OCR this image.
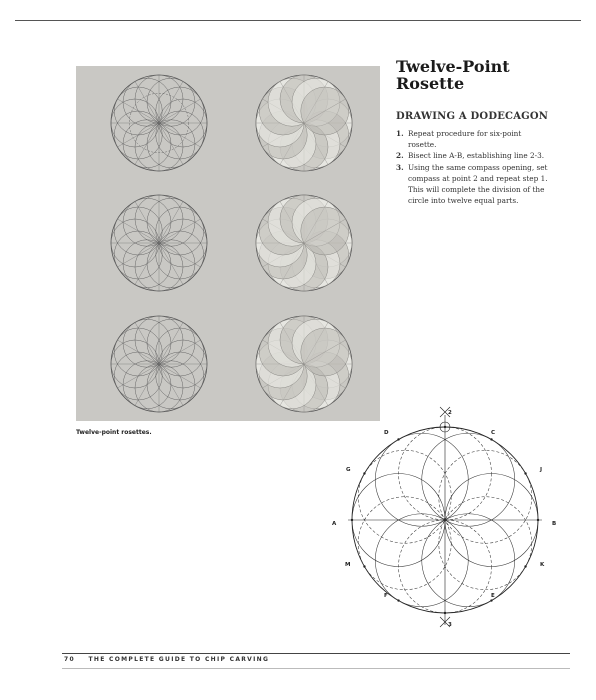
Twelve-point rosettes.
Twelve-Point Rosette
DRAWING A DODECAGON
1. Repeat procedure for six-point rosette.
2. Bisect line A-B, establishing line 2-3.
3. Using the same compass opening, set compass at point 2 and repeat step 1. This will complete the division of the circle into twelve equal parts.
2
3
A	B
C
D
E
F
G	J
K
M
70 THE COMPLETE GUIDE TO CHIP CARVING
